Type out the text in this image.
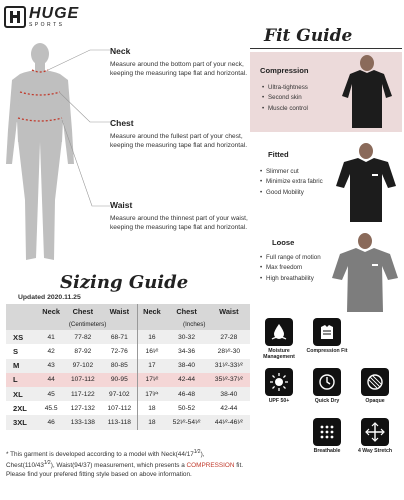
HUGE
SPORTS
Neck
Measure around the bottom part of your neck, keeping the measuring tape flat and horizontal.
Chest
Measure around the fullest part of your chest, keeping the measuring tape flat and horizontal.
Waist
Measure around the thinnest part of your waist, keeping the measuring tape flat and horizontal.
Fit Guide
Compression
• Ultra-tightness
• Second skin
• Muscle control
Fitted
• Slimmer cut
• Minimize extra fabric
• Good Mobility
Loose
• Full range of motion
• Max freedom
• High breathability
Sizing Guide
Updated 2020.11.25
	Neck	Chest	Waist	Neck	Chest	Waist
	(Centimeters)			(Inches)		
XS	41	77-82	68-71	16	30-32	27-28
S	42	87-92	72-76	16¹⁄²	34-36	28¹⁄²-30
M	43	97-102	80-85	17	38-40	31¹⁄²-33¹⁄²
L	44	107-112	90-95	17¹⁄²	42-44	35¹⁄²-37¹⁄²
XL	45	117-122	97-102	17³⁄⁴	46-48	38-40
2XL	45.5	127-132	107-112	18	50-52	42-44
3XL	46	133-138	113-118	18	52¹⁄²-54¹⁄²	44¹⁄²-46¹⁄²
* This garment is developed according to a model with $Neck(44/17^{1⁄2})$, $Chest(110/43^{1⁄2})$, Waist(94/37) measurement, which presents a COMPRESSION fit. Please find your prefered fitting style based on above information.
Moisture Management
Compression Fit
UPF 50+	Quick Dry	Opaque
Breathable	4 Way Stretch
